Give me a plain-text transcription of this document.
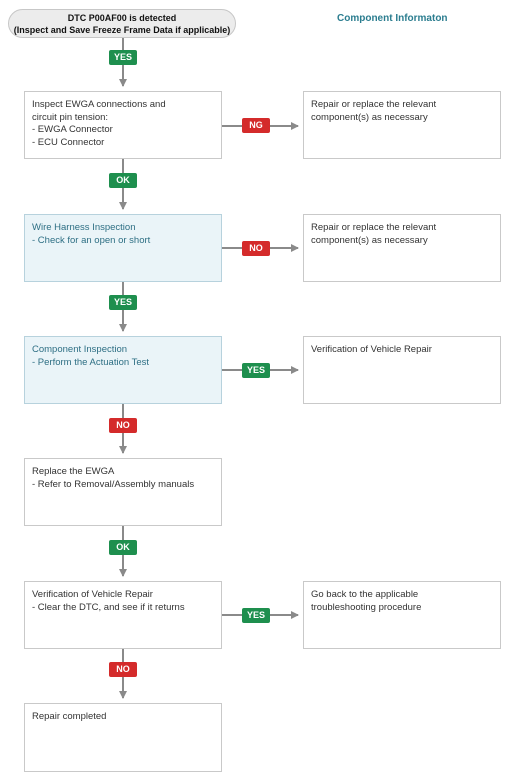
DTC P00AF00 is detected
(Inspect and Save Freeze Frame Data if applicable)
Component Informaton
Inspect EWGA connections and
circuit pin tension:
- EWGA Connector
- ECU Connector
Wire Harness Inspection
- Check for an open or short
Component Inspection
- Perform the Actuation Test
Replace the EWGA
- Refer to Removal/Assembly manuals
Verification of Vehicle Repair
- Clear the DTC, and see if it returns
Repair completed
Repair or replace the relevant
component(s) as necessary
Repair or replace the relevant
component(s) as necessary
Verification of Vehicle Repair
Go back to the applicable
troubleshooting procedure
YES
OK
YES
NO
OK
NO
NG
NO
YES
YES
